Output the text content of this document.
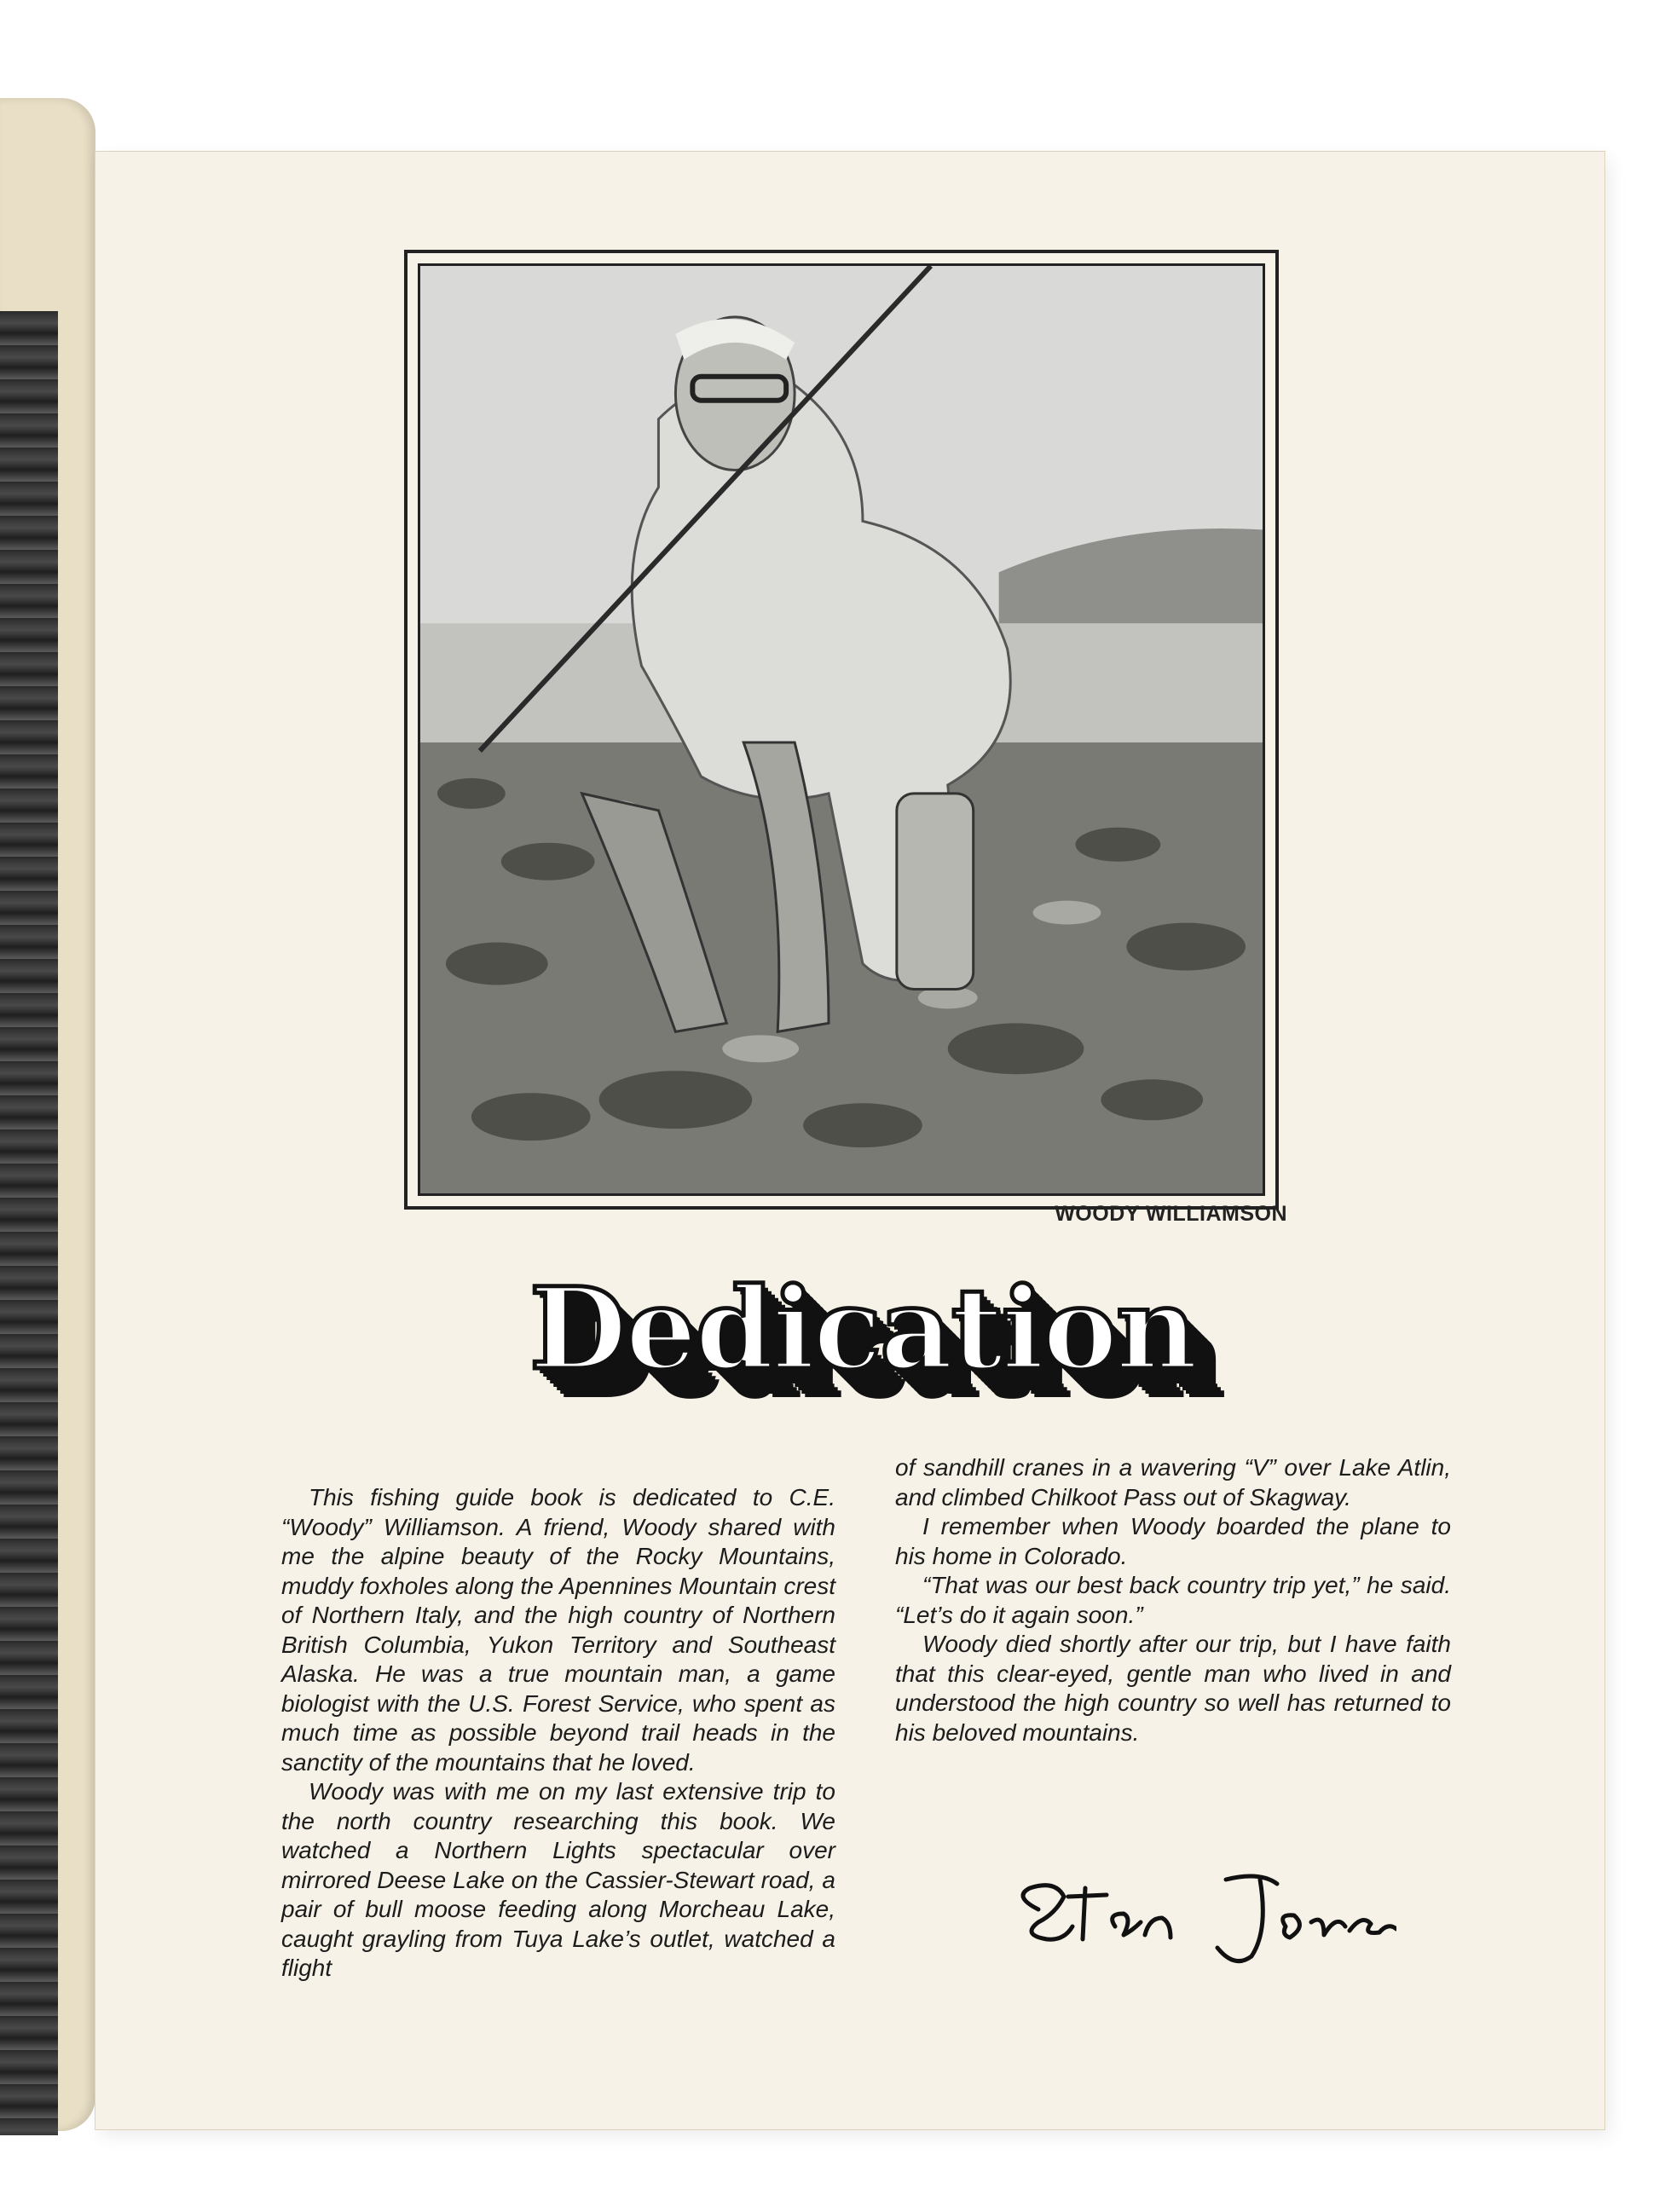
WOODY WILLIAMSON
Dedication

This fishing guide book is dedicated to C.E. “Woody” Williamson. A friend, Woody shared with me the alpine beauty of the Rocky Mountains, muddy foxholes along the Apennines Mountain crest of Northern Italy, and the high country of Northern British Columbia, Yukon Territory and Southeast Alaska. He was a true mountain man, a game biologist with the U.S. Forest Service, who spent as much time as possible beyond trail heads in the sanctity of the mountains that he loved.

Woody was with me on my last extensive trip to the north country researching this book. We watched a Northern Lights spectacular over mirrored Deese Lake on the Cassier-Stewart road, a pair of bull moose feeding along Morcheau Lake, caught grayling from Tuya Lake’s outlet, watched a flight

of sandhill cranes in a wavering “V” over Lake Atlin, and climbed Chilkoot Pass out of Skagway.

I remember when Woody boarded the plane to his home in Colorado.

“That was our best back country trip yet,” he said. “Let’s do it again soon.”

Woody died shortly after our trip, but I have faith that this clear-eyed, gentle man who lived in and understood the high country so well has returned to his beloved mountains.
